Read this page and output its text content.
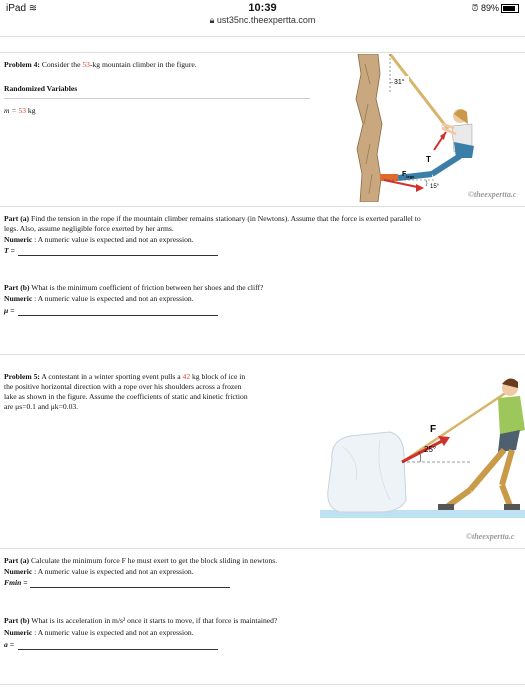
iPad ≋	10:39
🔒︎ ust35nc.theexpertta.com
⏰︎ 89%
Problem 4: Consider the 53-kg mountain climber in the figure.
Randomized Variables
m = 53 kg
31°
T
$F_{legs}$
15°
©theexpertta.c
Part (a) Find the tension in the rope if the mountain climber remains stationary (in Newtons). Assume that the force is exerted parallel to
legs. Also, assume negligible force exerted by her arms.
Numeric : A numeric value is expected and not an expression.
T =
Part (b) What is the minimum coefficient of friction between her shoes and the cliff?
Numeric : A numeric value is expected and not an expression.
μ =
Problem 5: A contestant in a winter sporting event pulls a 42 kg block of ice in
the positive horizontal direction with a rope over his shoulders across a frozen
lake as shown in the figure. Assume the coefficients of static and kinetic friction
are μs=0.1 and μk=0.03.
F
25°
©theexpertta.c
Part (a) Calculate the minimum force F he must exert to get the block sliding in newtons.
Numeric : A numeric value is expected and not an expression.
Fmin =
Part (b) What is its acceleration in m/s² once it starts to move, if that force is maintained?
Numeric : A numeric value is expected and not an expression.
a =
